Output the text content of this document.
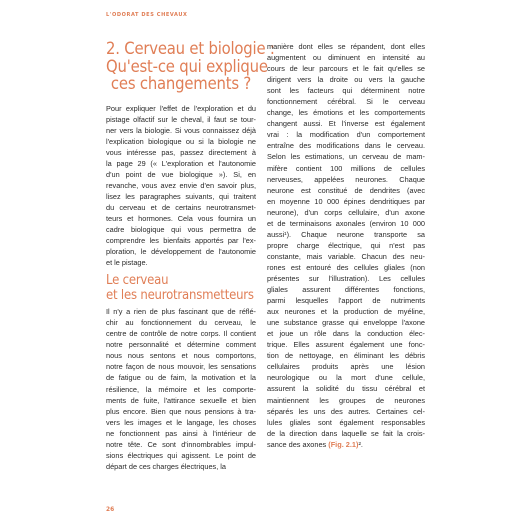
L'ODORAT DES CHEVAUX
2. Cerveau et biologie :
Qu'est-ce qui explique
ces changements ?

Pour expliquer l'effet de l'exploration et du
pistage olfactif sur le cheval, il faut se tour-
ner vers la biologie. Si vous connaissez déjà
l'explication biologique ou si la biologie ne
vous intéresse pas, passez directement à
la page 29 (« L'exploration et l'autonomie
d'un point de vue biologique »). Si, en
revanche, vous avez envie d'en savoir plus,
lisez les paragraphes suivants, qui traitent
du cerveau et de certains neurotransmet-
teurs et hormones. Cela vous fournira un
cadre biologique qui vous permettra de
comprendre les bienfaits apportés par l'ex-
ploration, le développement de l'autonomie
et le pistage.

Le cerveau
et les neurotransmetteurs

Il n'y a rien de plus fascinant que de réflé-
chir au fonctionnement du cerveau, le
centre de contrôle de notre corps. Il contient
notre personnalité et détermine comment
nous nous sentons et nous comportons,
notre façon de nous mouvoir, les sensations
de fatigue ou de faim, la motivation et la
résilience, la mémoire et les comporte-
ments de fuite, l'attirance sexuelle et bien
plus encore. Bien que nous pensions à tra-
vers les images et le langage, les choses
ne fonctionnent pas ainsi à l'intérieur de
notre tête. Ce sont d'innombrables impul-
sions électriques qui agissent. Le point de
départ de ces charges électriques, la

manière dont elles se répandent, dont elles
augmentent ou diminuent en intensité au
cours de leur parcours et le fait qu'elles se
dirigent vers la droite ou vers la gauche
sont les facteurs qui déterminent notre
fonctionnement cérébral. Si le cerveau
change, les émotions et les comportements
changent aussi. Et l'inverse est également
vrai : la modification d'un comportement
entraîne des modifications dans le cerveau.
Selon les estimations, un cerveau de mam-
mifère contient 100 millions de cellules
nerveuses, appelées neurones. Chaque
neurone est constitué de dendrites (avec
en moyenne 10 000 épines dendritiques par
neurone), d'un corps cellulaire, d'un axone
et de terminaisons axonales (environ 10 000
aussi¹). Chaque neurone transporte sa
propre charge électrique, qui n'est pas
constante, mais variable. Chacun des neu-
rones est entouré des cellules gliales (non
présentes sur l'illustration). Les cellules
gliales assurent différentes fonctions,
parmi lesquelles l'apport de nutriments
aux neurones et la production de myéline,
une substance grasse qui enveloppe l'axone
et joue un rôle dans la conduction élec-
trique. Elles assurent également une fonc-
tion de nettoyage, en éliminant les débris
cellulaires produits après une lésion
neurologique ou la mort d'une cellule,
assurent la solidité du tissu cérébral et
maintiennent les groupes de neurones
séparés les uns des autres. Certaines cel-
lules gliales sont également responsables
de la direction dans laquelle se fait la crois-
sance des axones (Fig. 2.1)².

26
